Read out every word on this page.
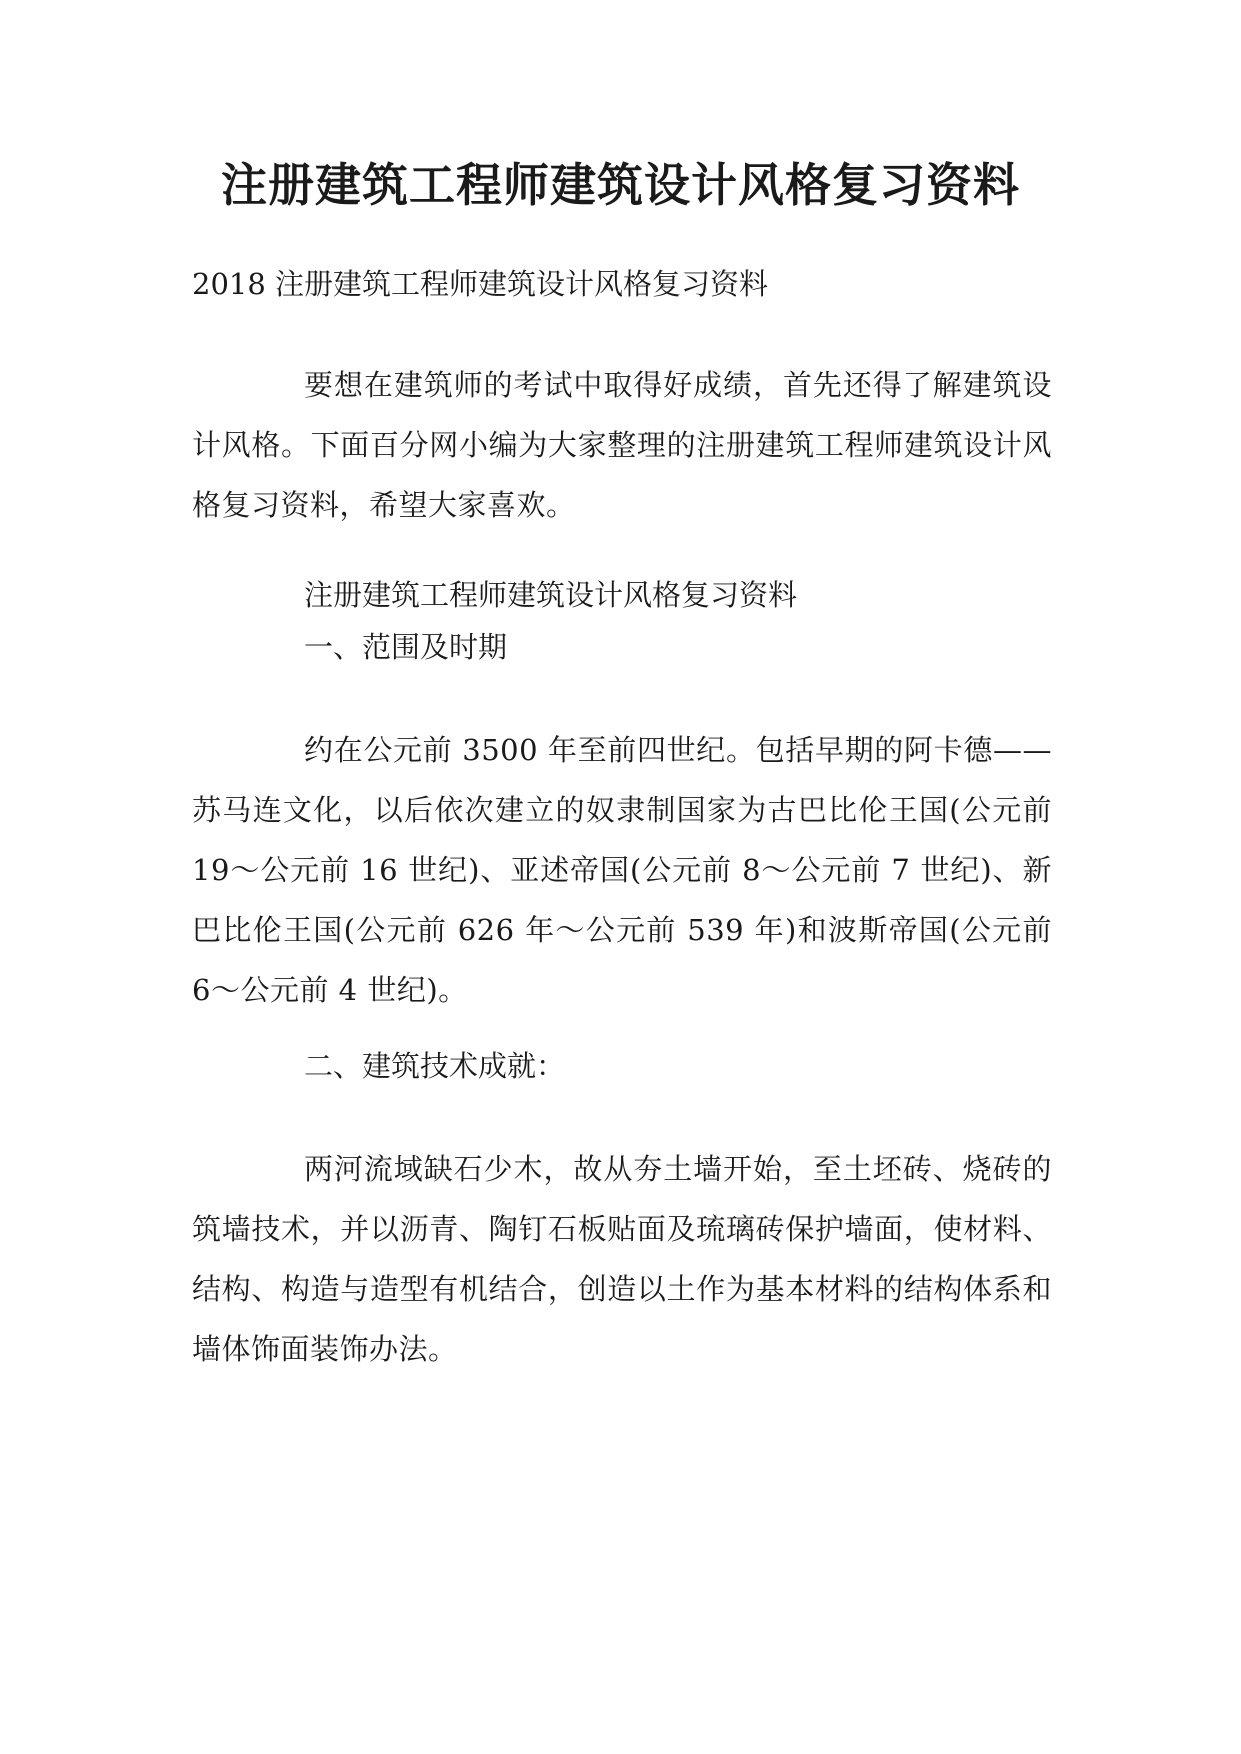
注册建筑工程师建筑设计风格复习资料

2018 注册建筑工程师建筑设计风格复习资料

要想在建筑师的考试中取得好成绩，首先还得了解建筑设计风格。下面百分网小编为大家整理的注册建筑工程师建筑设计风格复习资料，希望大家喜欢。

注册建筑工程师建筑设计风格复习资料

一、范围及时期

约在公元前 3500 年至前四世纪。包括早期的阿卡德——苏马连文化，以后依次建立的奴隶制国家为古巴比伦王国(公元前 19～公元前 16 世纪)、亚述帝国(公元前 8～公元前 7 世纪)、新巴比伦王国(公元前 626 年～公元前 539 年)和波斯帝国(公元前 6～公元前 4 世纪)。

二、建筑技术成就：

两河流域缺石少木，故从夯土墙开始，至土坯砖、烧砖的筑墙技术，并以沥青、陶钉石板贴面及琉璃砖保护墙面，使材料、结构、构造与造型有机结合，创造以土作为基本材料的结构体系和墙体饰面装饰办法。
